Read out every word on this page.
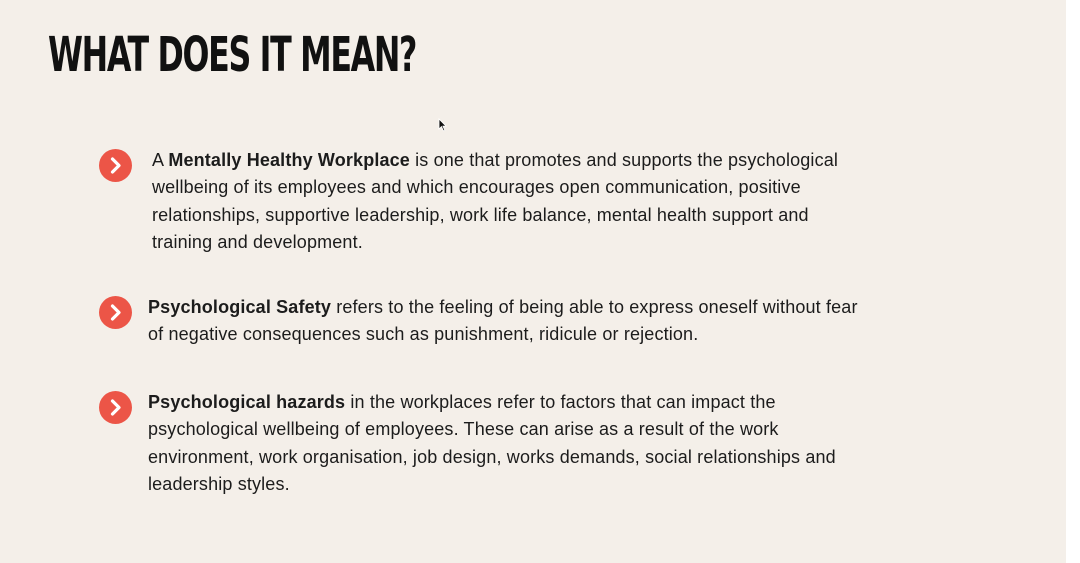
WHAT DOES IT MEAN?
A Mentally Healthy Workplace is one that promotes and supports the psychological
wellbeing of its employees and which encourages open communication, positive
relationships, supportive leadership, work life balance, mental health support and
training and development.
Psychological Safety refers to the feeling of being able to express oneself without fear
of negative consequences such as punishment, ridicule or rejection.
Psychological hazards in the workplaces refer to factors that can impact the
psychological wellbeing of employees. These can arise as a result of the work
environment, work organisation, job design, works demands, social relationships and
leadership styles.
